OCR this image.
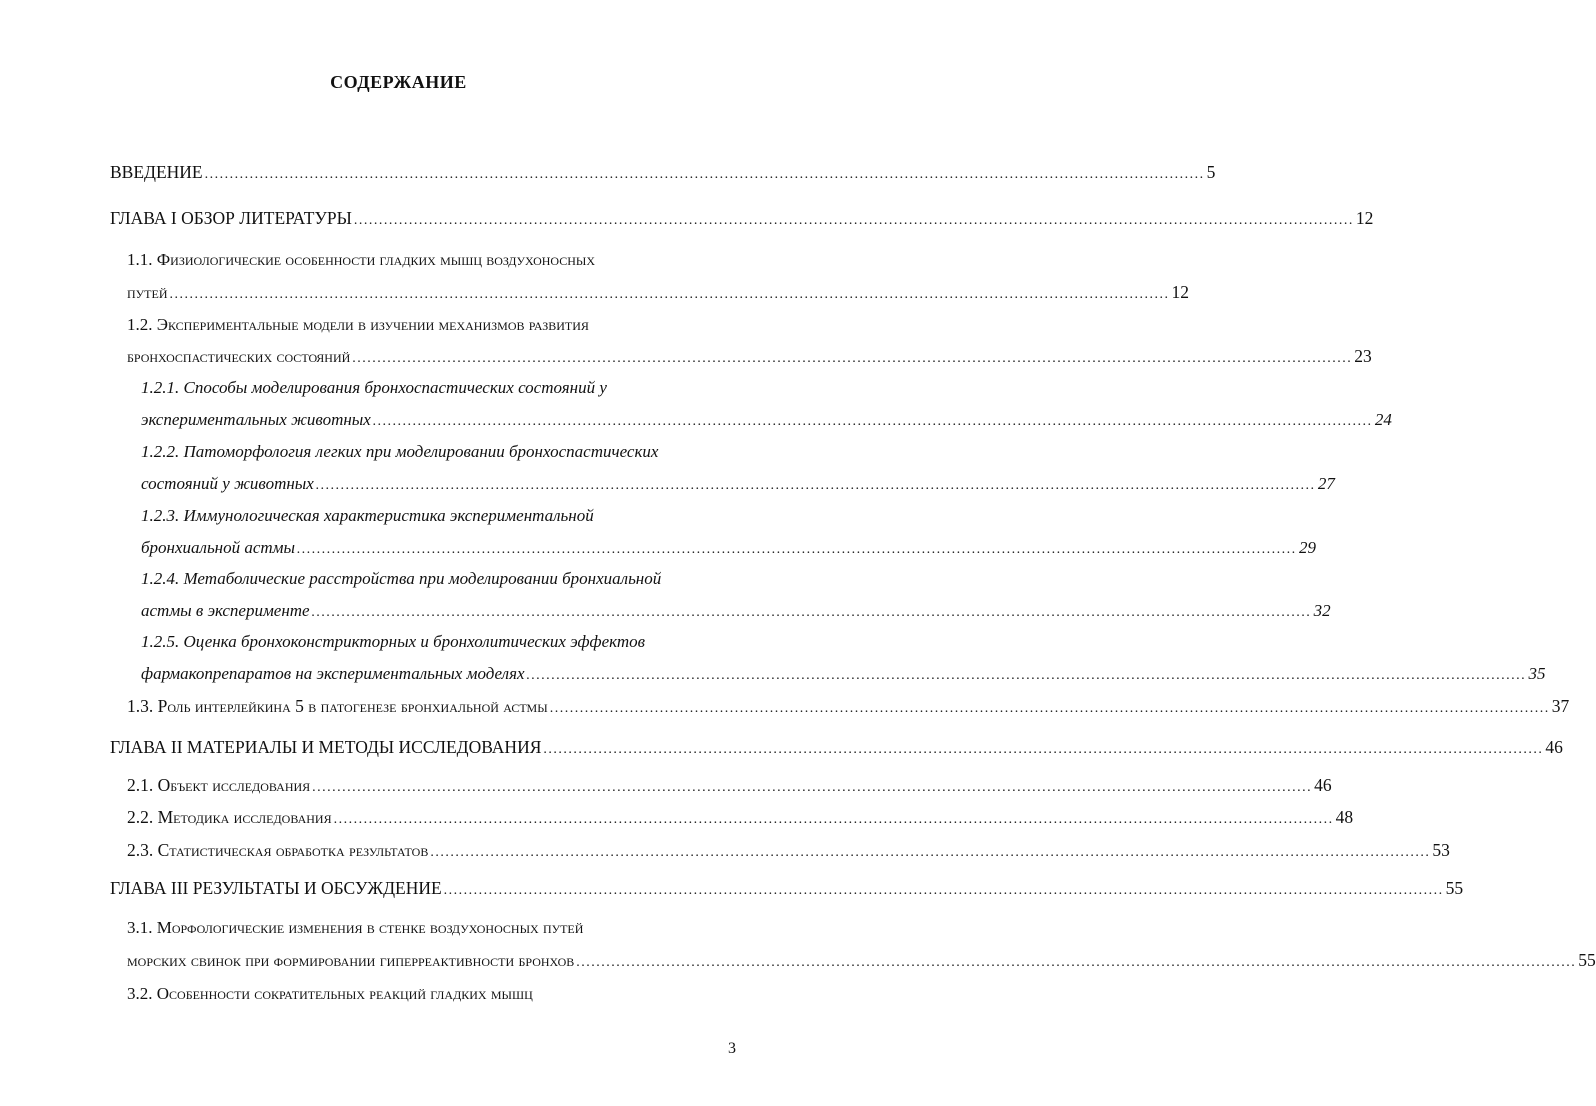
СОДЕРЖАНИЕ
ВВЕДЕНИЕ ........................................................................................................................................................................................................ 5
ГЛАВА I ОБЗОР ЛИТЕРАТУРЫ ........................................................................................................................................................................................................ 12
1.1. Физиологические особенности гладких мышц воздухоносных
путей ........................................................................................................................................................................................................ 12
1.2. Экспериментальные модели в изучении механизмов развития
бронхоспастических состояний ........................................................................................................................................................................................................ 23
1.2.1. Способы моделирования бронхоспастических состояний у
экспериментальных животных ........................................................................................................................................................................................................ 24
1.2.2. Патоморфология легких при моделировании бронхоспастических
состояний у животных ........................................................................................................................................................................................................ 27
1.2.3. Иммунологическая характеристика экспериментальной
бронхиальной астмы ........................................................................................................................................................................................................ 29
1.2.4. Метаболические расстройства при моделировании бронхиальной
астмы в эксперименте ........................................................................................................................................................................................................ 32
1.2.5. Оценка бронхоконстрикторных и бронхолитических эффектов
фармакопрепаратов на экспериментальных моделях ........................................................................................................................................................................................................ 35
1.3. Роль интерлейкина 5 в патогенезе бронхиальной астмы ........................................................................................................................................................................................................ 37
ГЛАВА II МАТЕРИАЛЫ И МЕТОДЫ ИССЛЕДОВАНИЯ ........................................................................................................................................................................................................ 46
2.1. Объект исследования ........................................................................................................................................................................................................ 46
2.2. Методика исследования ........................................................................................................................................................................................................ 48
2.3. Статистическая обработка результатов ........................................................................................................................................................................................................ 53
ГЛАВА III РЕЗУЛЬТАТЫ И ОБСУЖДЕНИЕ ........................................................................................................................................................................................................ 55
3.1. Морфологические изменения в стенке воздухоносных путей
морских свинок при формировании гиперреактивности бронхов ........................................................................................................................................................................................................ 55
3.2. Особенности сократительных реакций гладких мышц
3
